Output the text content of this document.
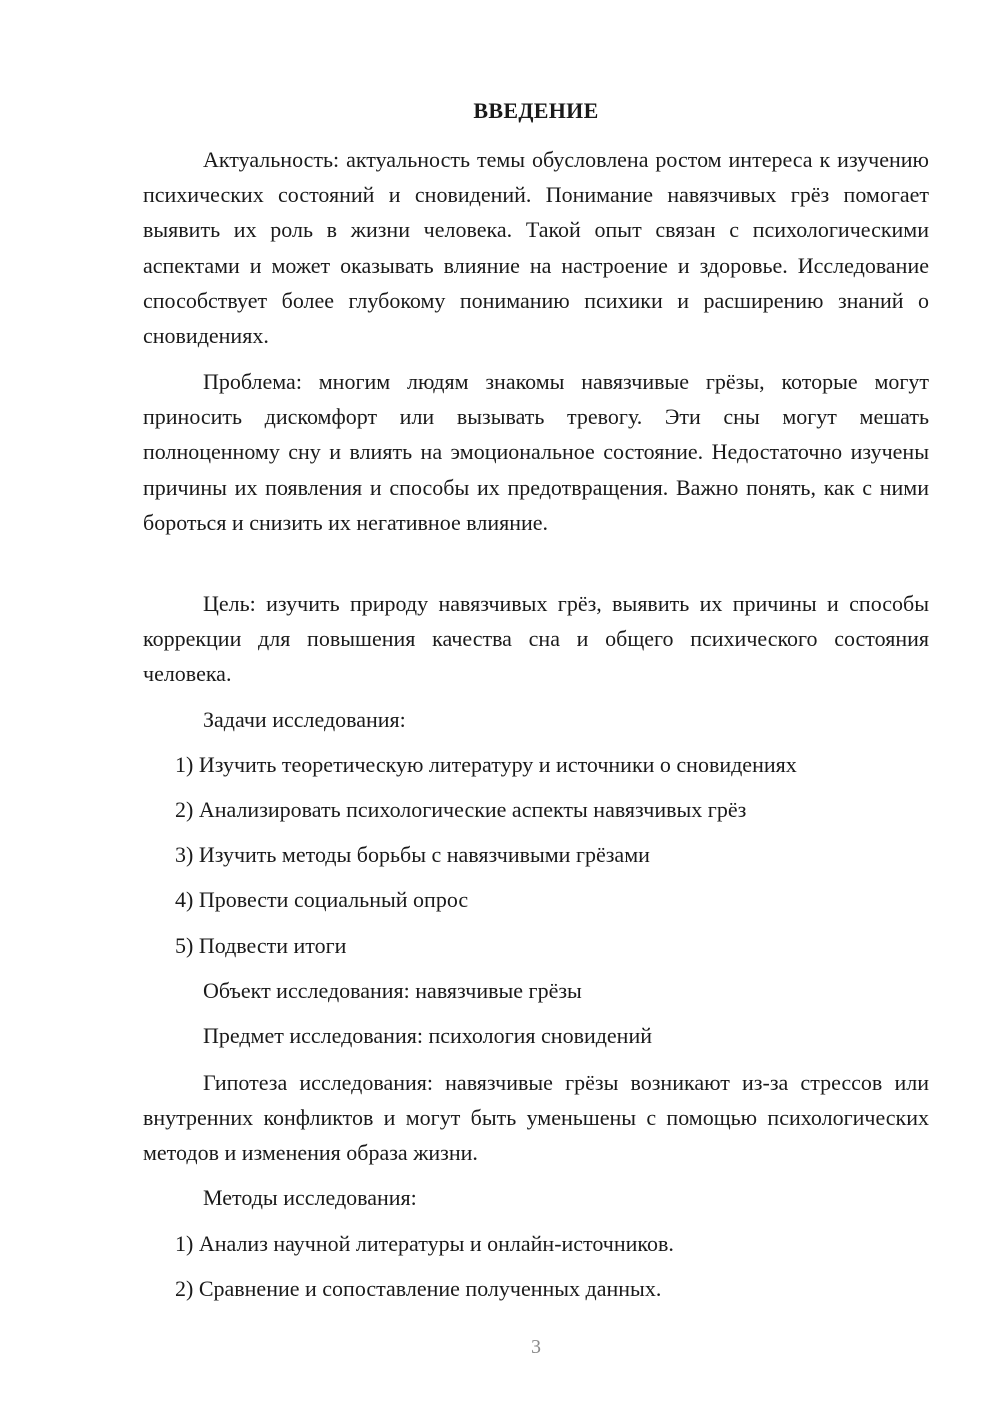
ВВЕДЕНИЕ

Актуальность: актуальность темы обусловлена ростом интереса к изучению психических состояний и сновидений. Понимание навязчивых грёз помогает выявить их роль в жизни человека. Такой опыт связан с психологическими аспектами и может оказывать влияние на настроение и здоровье. Исследование способствует более глубокому пониманию психики и расширению знаний о сновидениях.

Проблема: многим людям знакомы навязчивые грёзы, которые могут приносить дискомфорт или вызывать тревогу. Эти сны могут мешать полноценному сну и влиять на эмоциональное состояние. Недостаточно изучены причины их появления и способы их предотвращения. Важно понять, как с ними бороться и снизить их негативное влияние.

Цель: изучить природу навязчивых грёз, выявить их причины и способы коррекции для повышения качества сна и общего психического состояния человека.

Задачи исследования:
1) Изучить теоретическую литературу и источники о сновидениях
2) Анализировать психологические аспекты навязчивых грёз
3) Изучить методы борьбы с навязчивыми грёзами
4) Провести социальный опрос
5) Подвести итоги
Объект исследования: навязчивые грёзы
Предмет исследования: психология сновидений

Гипотеза исследования: навязчивые грёзы возникают из-за стрессов или внутренних конфликтов и могут быть уменьшены с помощью психологических методов и изменения образа жизни.

Методы исследования:
1) Анализ научной литературы и онлайн-источников.
2) Сравнение и сопоставление полученных данных.
3
